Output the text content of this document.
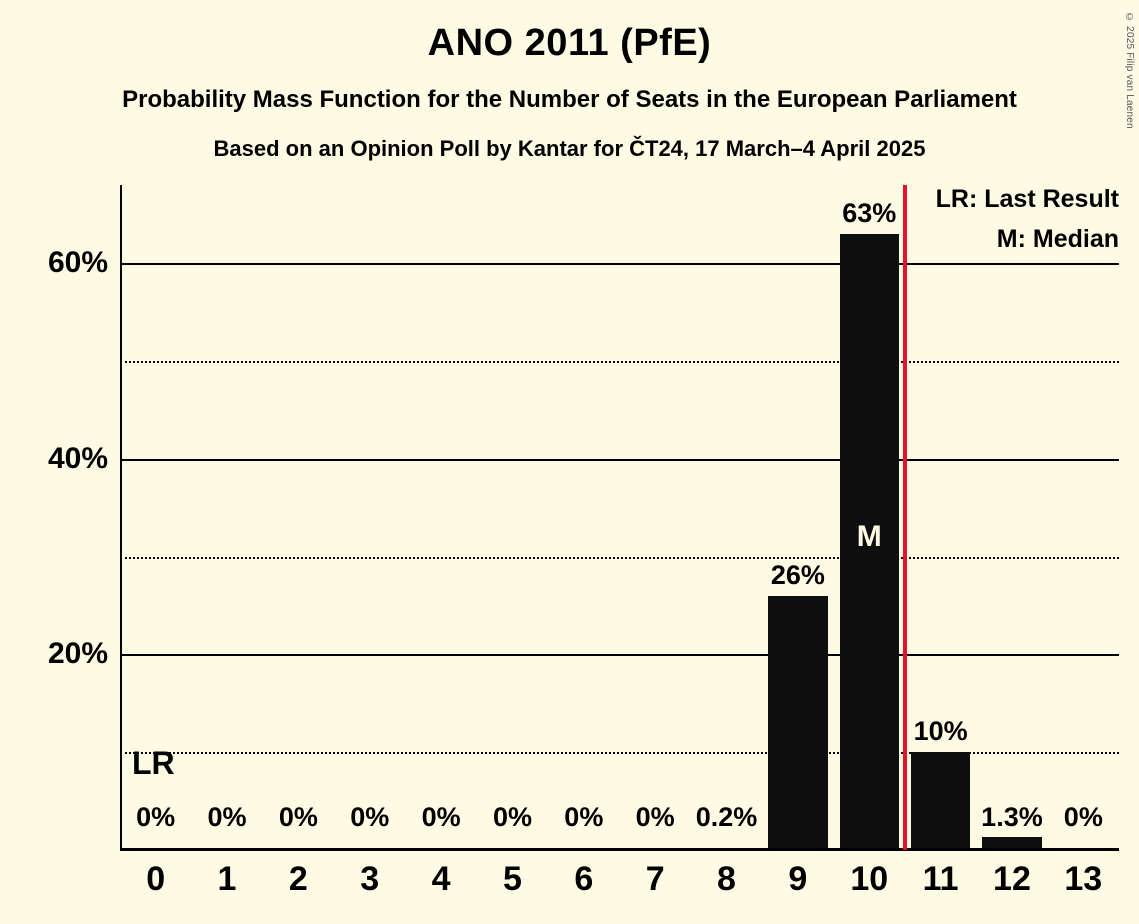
© 2025 Filip van Laenen
ANO 2011 (PfE)
Probability Mass Function for the Number of Seats in the European Parliament
Based on an Opinion Poll by Kantar for ČT24, 17 March–4 April 2025
LR: Last Result
M: Median
0%	0%	0%	0%	0%	0%	0%	0% 0.2%
26%
63%
M
10%
1.3% 0%
20%
40%
60%
0	1	2	3	4	5	6	7	8	9	10	11	12 13
LR
